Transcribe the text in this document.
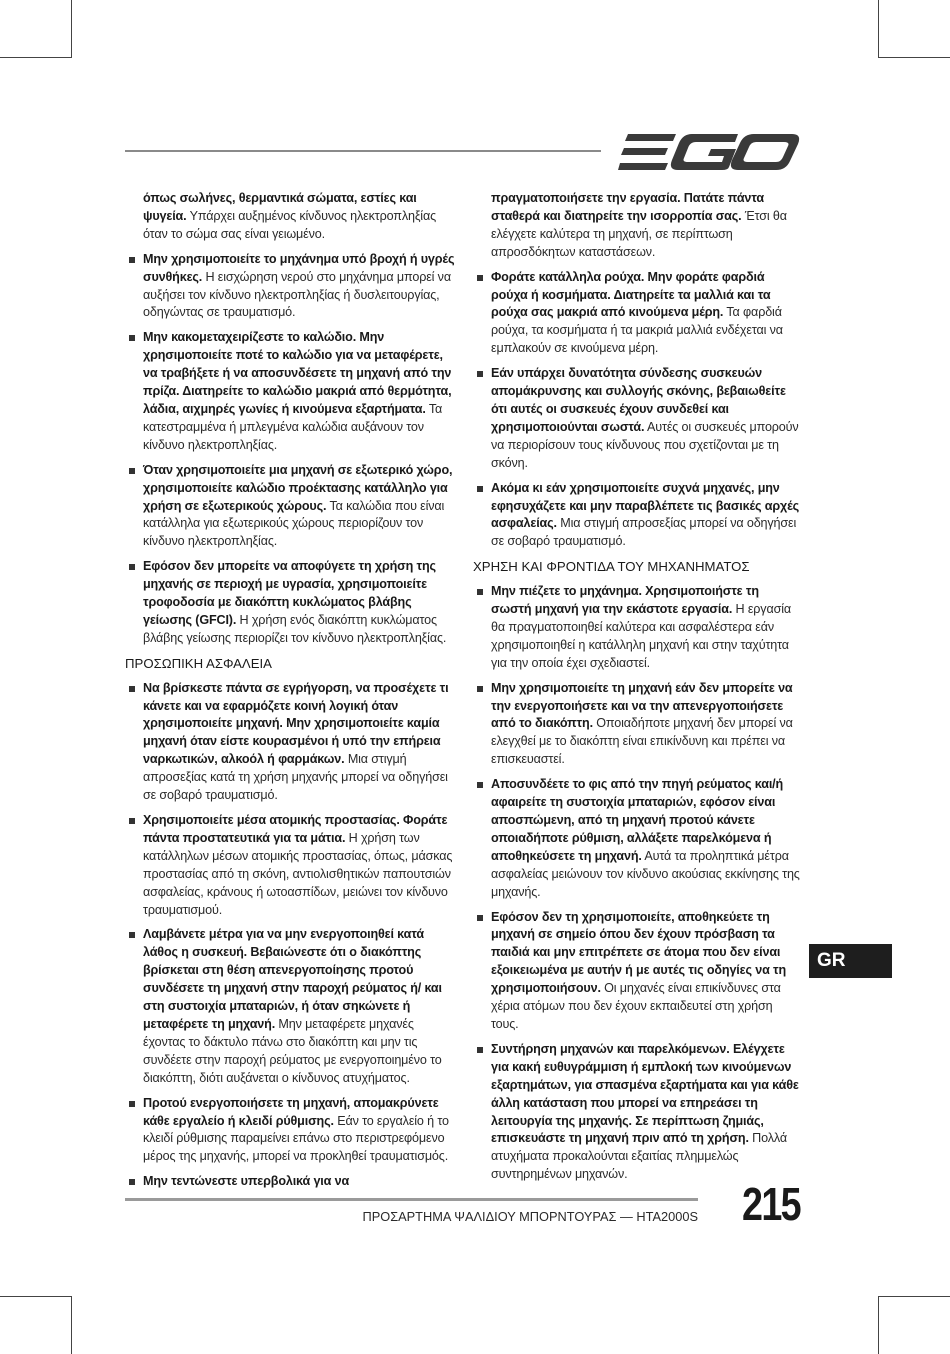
όπως σωλήνες, θερμαντικά σώματα, εστίες και ψυγεία. Υπάρχει αυξημένος κίνδυνος ηλεκτροπληξίας όταν το σώμα σας είναι γειωμένο.
Μην χρησιμοποιείτε το μηχάνημα υπό βροχή ή υγρές συνθήκες. Η εισχώρηση νερού στο μηχάνημα μπορεί να αυξήσει τον κίνδυνο ηλεκτροπληξίας ή δυσλειτουργίας, οδηγώντας σε τραυματισμό.
Μην κακομεταχειρίζεστε το καλώδιο. Μην χρησιμοποιείτε ποτέ το καλώδιο για να μεταφέρετε, να τραβήξετε ή να αποσυνδέσετε τη μηχανή από την πρίζα. Διατηρείτε το καλώδιο μακριά από θερμότητα, λάδια, αιχμηρές γωνίες ή κινούμενα εξαρτήματα. Τα κατεστραμμένα ή μπλεγμένα καλώδια αυξάνουν τον κίνδυνο ηλεκτροπληξίας.
Όταν χρησιμοποιείτε μια μηχανή σε εξωτερικό χώρο, χρησιμοποιείτε καλώδιο προέκτασης κατάλληλο για χρήση σε εξωτερικούς χώρους. Τα καλώδια που είναι κατάλληλα για εξωτερικούς χώρους περιορίζουν τον κίνδυνο ηλεκτροπληξίας.
Εφόσον δεν μπορείτε να αποφύγετε τη χρήση της μηχανής σε περιοχή με υγρασία, χρησιμοποιείτε τροφοδοσία με διακόπτη κυκλώματος βλάβης γείωσης (GFCI). Η χρήση ενός διακόπτη κυκλώματος βλάβης γείωσης περιορίζει τον κίνδυνο ηλεκτροπληξίας.
ΠΡΟΣΩΠΙΚΗ ΑΣΦΑΛΕΙΑ
Να βρίσκεστε πάντα σε εγρήγορση, να προσέχετε τι κάνετε και να εφαρμόζετε κοινή λογική όταν χρησιμοποιείτε μηχανή. Μην χρησιμοποιείτε καμία μηχανή όταν είστε κουρασμένοι ή υπό την επήρεια ναρκωτικών, αλκοόλ ή φαρμάκων. Μια στιγμή απροσεξίας κατά τη χρήση μηχανής μπορεί να οδηγήσει σε σοβαρό τραυματισμό.
Χρησιμοποιείτε μέσα ατομικής προστασίας. Φοράτε πάντα προστατευτικά για τα μάτια. Η χρήση των κατάλληλων μέσων ατομικής προστασίας, όπως, μάσκας προστασίας από τη σκόνη, αντιολισθητικών παπουτσιών ασφαλείας, κράνους ή ωτοασπίδων, μειώνει τον κίνδυνο τραυματισμού.
Λαμβάνετε μέτρα για να μην ενεργοποιηθεί κατά λάθος η συσκευή. Βεβαιώνεστε ότι ο διακόπτης βρίσκεται στη θέση απενεργοποίησης προτού συνδέσετε τη μηχανή στην παροχή ρεύματος ή/ και στη συστοιχία μπαταριών, ή όταν σηκώνετε ή μεταφέρετε τη μηχανή. Μην μεταφέρετε μηχανές έχοντας το δάκτυλο πάνω στο διακόπτη και μην τις συνδέετε στην παροχή ρεύματος με ενεργοποιημένο το διακόπτη, διότι αυξάνεται ο κίνδυνος ατυχήματος.
Προτού ενεργοποιήσετε τη μηχανή, απομακρύνετε κάθε εργαλείο ή κλειδί ρύθμισης. Εάν το εργαλείο ή το κλειδί ρύθμισης παραμείνει επάνω στο περιστρεφόμενο μέρος της μηχανής, μπορεί να προκληθεί τραυματισμός.
Μην τεντώνεστε υπερβολικά για να
πραγματοποιήσετε την εργασία. Πατάτε πάντα σταθερά και διατηρείτε την ισορροπία σας. Έτσι θα ελέγχετε καλύτερα τη μηχανή, σε περίπτωση απροσδόκητων καταστάσεων.
Φοράτε κατάλληλα ρούχα. Μην φοράτε φαρδιά ρούχα ή κοσμήματα. Διατηρείτε τα μαλλιά και τα ρούχα σας μακριά από κινούμενα μέρη. Τα φαρδιά ρούχα, τα κοσμήματα ή τα μακριά μαλλιά ενδέχεται να εμπλακούν σε κινούμενα μέρη.
Εάν υπάρχει δυνατότητα σύνδεσης συσκευών απομάκρυνσης και συλλογής σκόνης, βεβαιωθείτε ότι αυτές οι συσκευές έχουν συνδεθεί και χρησιμοποιούνται σωστά. Αυτές οι συσκευές μπορούν να περιορίσουν τους κίνδυνους που σχετίζονται με τη σκόνη.
Ακόμα κι εάν χρησιμοποιείτε συχνά μηχανές, μην εφησυχάζετε και μην παραβλέπετε τις βασικές αρχές ασφαλείας. Μια στιγμή απροσεξίας μπορεί να οδηγήσει σε σοβαρό τραυματισμό.
ΧΡΗΣΗ ΚΑΙ ΦΡΟΝΤΙΔΑ ΤΟΥ ΜΗΧΑΝΗΜΑΤΟΣ
Μην πιέζετε το μηχάνημα. Χρησιμοποιήστε τη σωστή μηχανή για την εκάστοτε εργασία. Η εργασία θα πραγματοποιηθεί καλύτερα και ασφαλέστερα εάν χρησιμοποιηθεί η κατάλληλη μηχανή και στην ταχύτητα για την οποία έχει σχεδιαστεί.
Μην χρησιμοποιείτε τη μηχανή εάν δεν μπορείτε να την ενεργοποιήσετε και να την απενεργοποιήσετε από το διακόπτη. Οποιαδήποτε μηχανή δεν μπορεί να ελεγχθεί με το διακόπτη είναι επικίνδυνη και πρέπει να επισκευαστεί.
Αποσυνδέετε το φις από την πηγή ρεύματος και/ή αφαιρείτε τη συστοιχία μπαταριών, εφόσον είναι αποσπώμενη, από τη μηχανή προτού κάνετε οποιαδήποτε ρύθμιση, αλλάξετε παρελκόμενα ή αποθηκεύσετε τη μηχανή. Αυτά τα προληπτικά μέτρα ασφαλείας μειώνουν τον κίνδυνο ακούσιας εκκίνησης της μηχανής.
Εφόσον δεν τη χρησιμοποιείτε, αποθηκεύετε τη μηχανή σε σημείο όπου δεν έχουν πρόσβαση τα παιδιά και μην επιτρέπετε σε άτομα που δεν είναι εξοικειωμένα με αυτήν ή με αυτές τις οδηγίες να τη χρησιμοποιήσουν. Οι μηχανές είναι επικίνδυνες στα χέρια ατόμων που δεν έχουν εκπαιδευτεί στη χρήση τους.
Συντήρηση μηχανών και παρελκόμενων. Ελέγχετε για κακή ευθυγράμμιση ή εμπλοκή των κινούμενων εξαρτημάτων, για σπασμένα εξαρτήματα και για κάθε άλλη κατάσταση που μπορεί να επηρεάσει τη λειτουργία της μηχανής. Σε περίπτωση ζημιάς, επισκευάστε τη μηχανή πριν από τη χρήση. Πολλά ατυχήματα προκαλούνται εξαιτίας πλημμελώς συντηρημένων μηχανών.
GR
ΠΡΟΣΑΡΤΗΜΑ ΨΑΛΙΔΙΟΥ ΜΠΟΡΝΤΟΥΡΑΣ — HTA2000S 215
